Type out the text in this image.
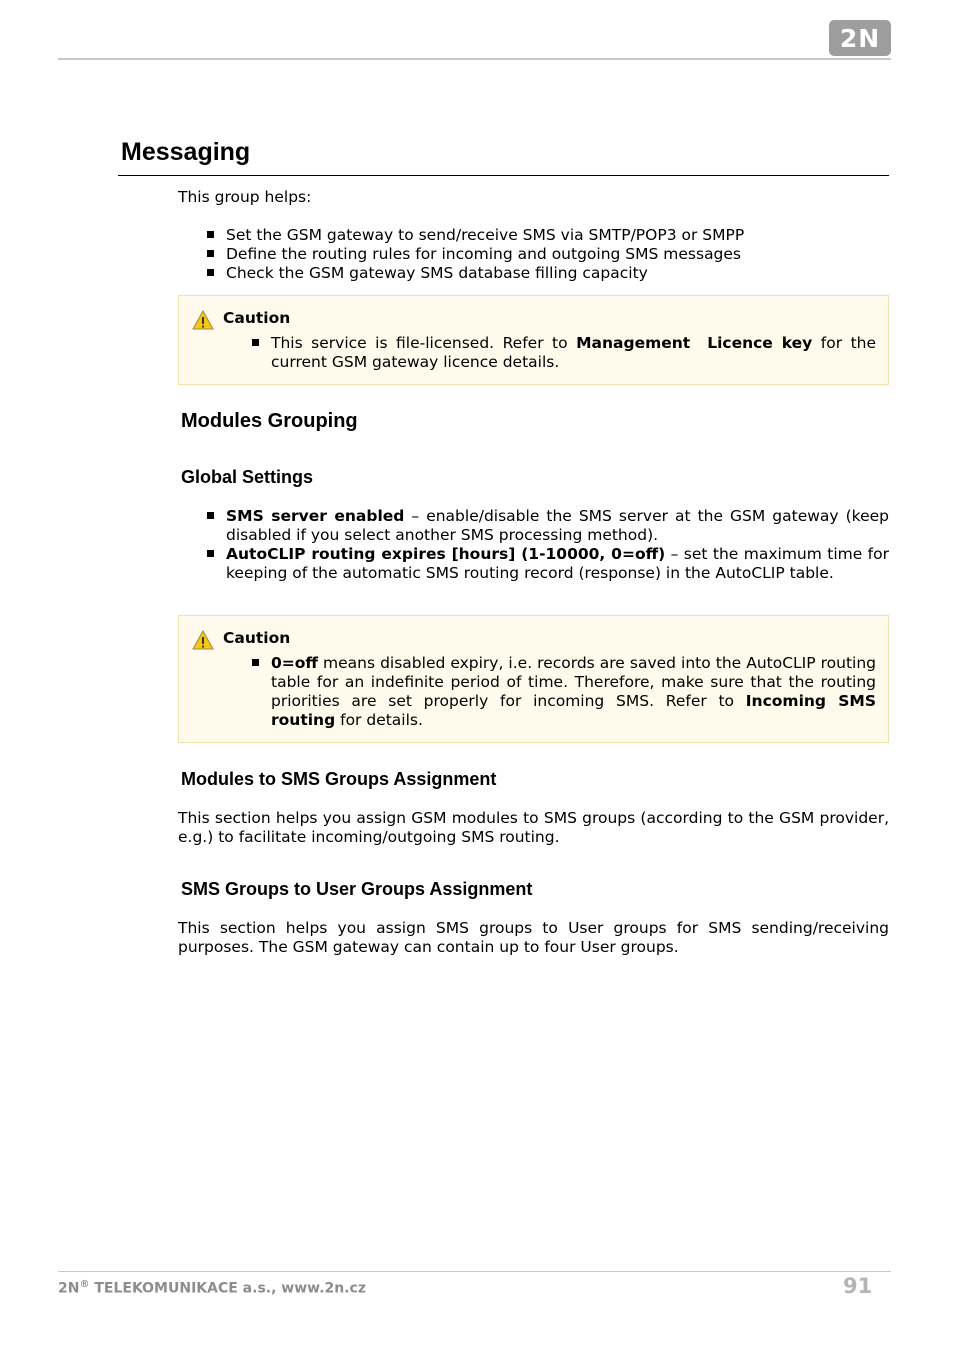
2N
Messaging
This group helps:
Set the GSM gateway to send/receive SMS via SMTP/POP3 or SMPP
Define the routing rules for incoming and outgoing SMS messages
Check the GSM gateway SMS database filling capacity
Caution
This service is file-licensed. Refer to Management Licence key for the current GSM gateway licence details.
Modules Grouping
Global Settings
SMS server enabled – enable/disable the SMS server at the GSM gateway (keep disabled if you select another SMS processing method).
AutoCLIP routing expires [hours] (1-10000, 0=off) – set the maximum time for keeping of the automatic SMS routing record (response) in the AutoCLIP table.
Caution
0=off means disabled expiry, i.e. records are saved into the AutoCLIP routing table for an indefinite period of time. Therefore, make sure that the routing priorities are set properly for incoming SMS. Refer to Incoming SMS routing for details.
Modules to SMS Groups Assignment
This section helps you assign GSM modules to SMS groups (according to the GSM provider, e.g.) to facilitate incoming/outgoing SMS routing.
SMS Groups to User Groups Assignment
This section helps you assign SMS groups to User groups for SMS sending/receiving purposes. The GSM gateway can contain up to four User groups.
2N® TELEKOMUNIKACE a.s., www.2n.cz	91
